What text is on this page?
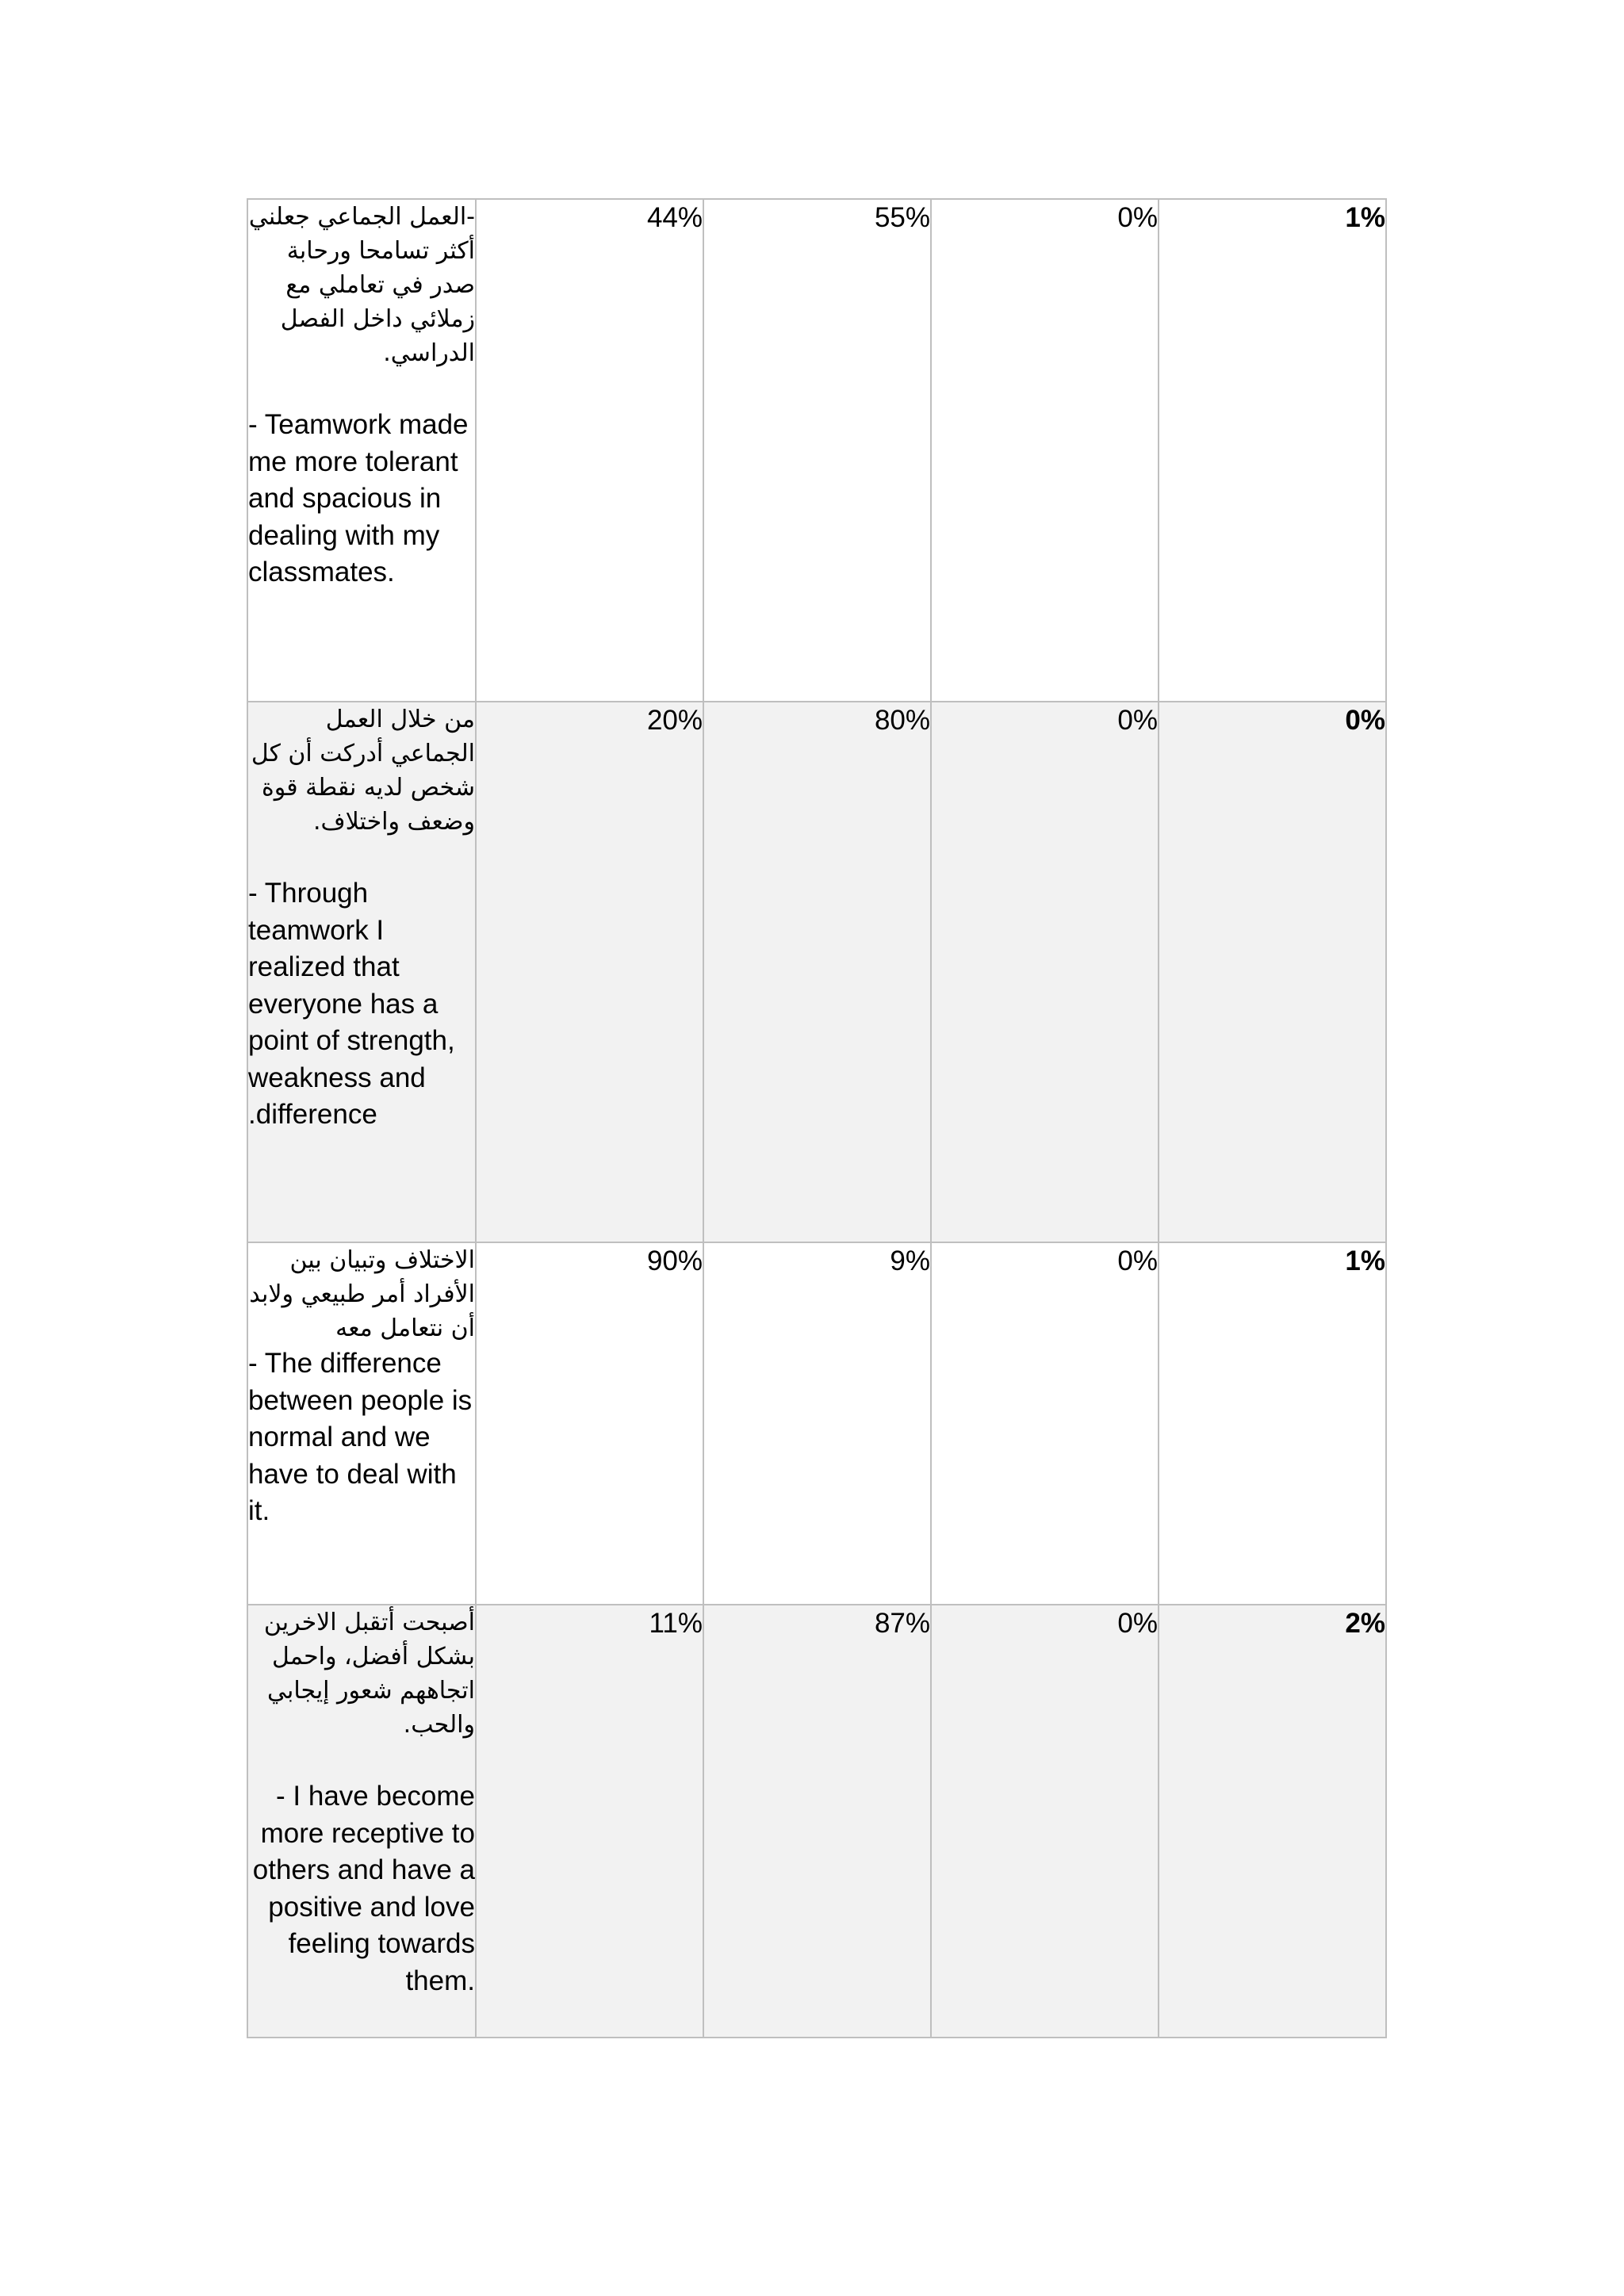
-العمل الجماعي جعلني أكثر تسامحا ورحابة صدر في تعاملي مع زملائي داخل الفصل الدراسي.
- Teamwork made me more tolerant and spacious in dealing with my classmates.	44%	55%	0%	1%

من خلال العمل الجماعي أدركت أن كل شخص لديه نقطة قوة وضعف واختلاف.
- Through teamwork I realized that everyone has a point of strength, weakness and .difference	20%	80%	0%	0%

الاختلاف وتبيان بين الأفراد أمر طبيعي ولابد أن نتعامل معه
- The difference between people is normal and we have to deal with it.	90%	9%	0%	1%

أصبحت أتقبل الاخرين بشكل أفضل، واحمل اتجاههم شعور إيجابي والحب.
- I have become more receptive to others and have a positive and love feeling towards them.	11%	87%	0%	2%
